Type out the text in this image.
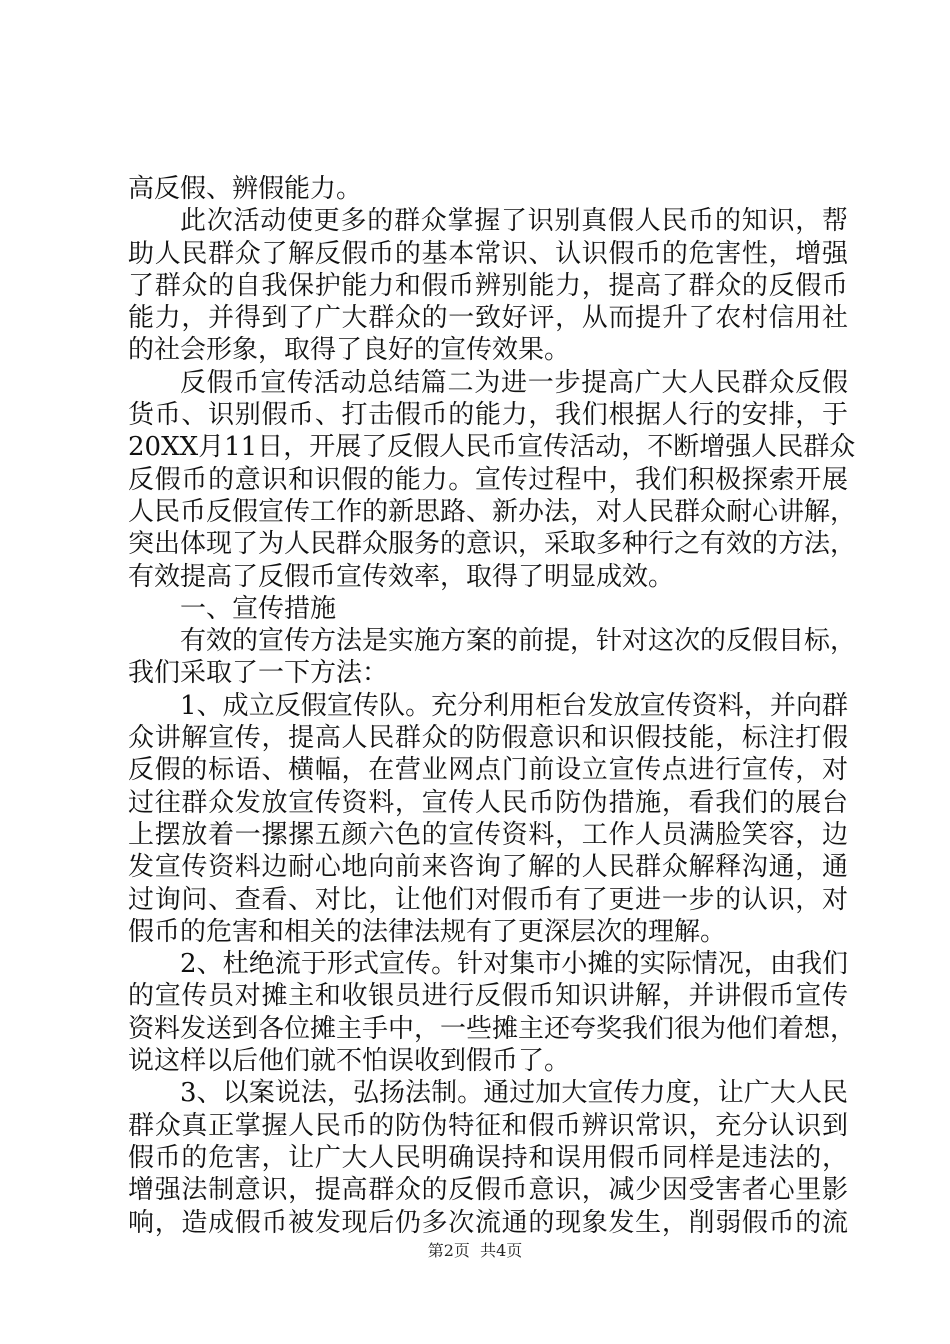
高反假、辨假能力。
此次活动使更多的群众掌握了识别真假人民币的知识，帮
助人民群众了解反假币的基本常识、认识假币的危害性，增强
了群众的自我保护能力和假币辨别能力，提高了群众的反假币
能力，并得到了广大群众的一致好评，从而提升了农村信用社
的社会形象，取得了良好的宣传效果。
反假币宣传活动总结篇二为进一步提高广大人民群众反假
货币、识别假币、打击假币的能力，我们根据人行的安排，于
20XX月11日，开展了反假人民币宣传活动，不断增强人民群众
反假币的意识和识假的能力。宣传过程中，我们积极探索开展
人民币反假宣传工作的新思路、新办法，对人民群众耐心讲解，
突出体现了为人民群众服务的意识，采取多种行之有效的方法，
有效提高了反假币宣传效率，取得了明显成效。
一、宣传措施
有效的宣传方法是实施方案的前提，针对这次的反假目标，
我们采取了一下方法：
1、成立反假宣传队。充分利用柜台发放宣传资料，并向群
众讲解宣传，提高人民群众的防假意识和识假技能，标注打假
反假的标语、横幅，在营业网点门前设立宣传点进行宣传，对
过往群众发放宣传资料，宣传人民币防伪措施，看我们的展台
上摆放着一摞摞五颜六色的宣传资料，工作人员满脸笑容，边
发宣传资料边耐心地向前来咨询了解的人民群众解释沟通，通
过询问、查看、对比，让他们对假币有了更进一步的认识，对
假币的危害和相关的法律法规有了更深层次的理解。
2、杜绝流于形式宣传。针对集市小摊的实际情况，由我们
的宣传员对摊主和收银员进行反假币知识讲解，并讲假币宣传
资料发送到各位摊主手中，一些摊主还夸奖我们很为他们着想，
说这样以后他们就不怕误收到假币了。
3、以案说法，弘扬法制。通过加大宣传力度，让广大人民
群众真正掌握人民币的防伪特征和假币辨识常识，充分认识到
假币的危害，让广大人民明确误持和误用假币同样是违法的，
增强法制意识，提高群众的反假币意识，减少因受害者心里影
响，造成假币被发现后仍多次流通的现象发生，削弱假币的流
第2页  共4页
